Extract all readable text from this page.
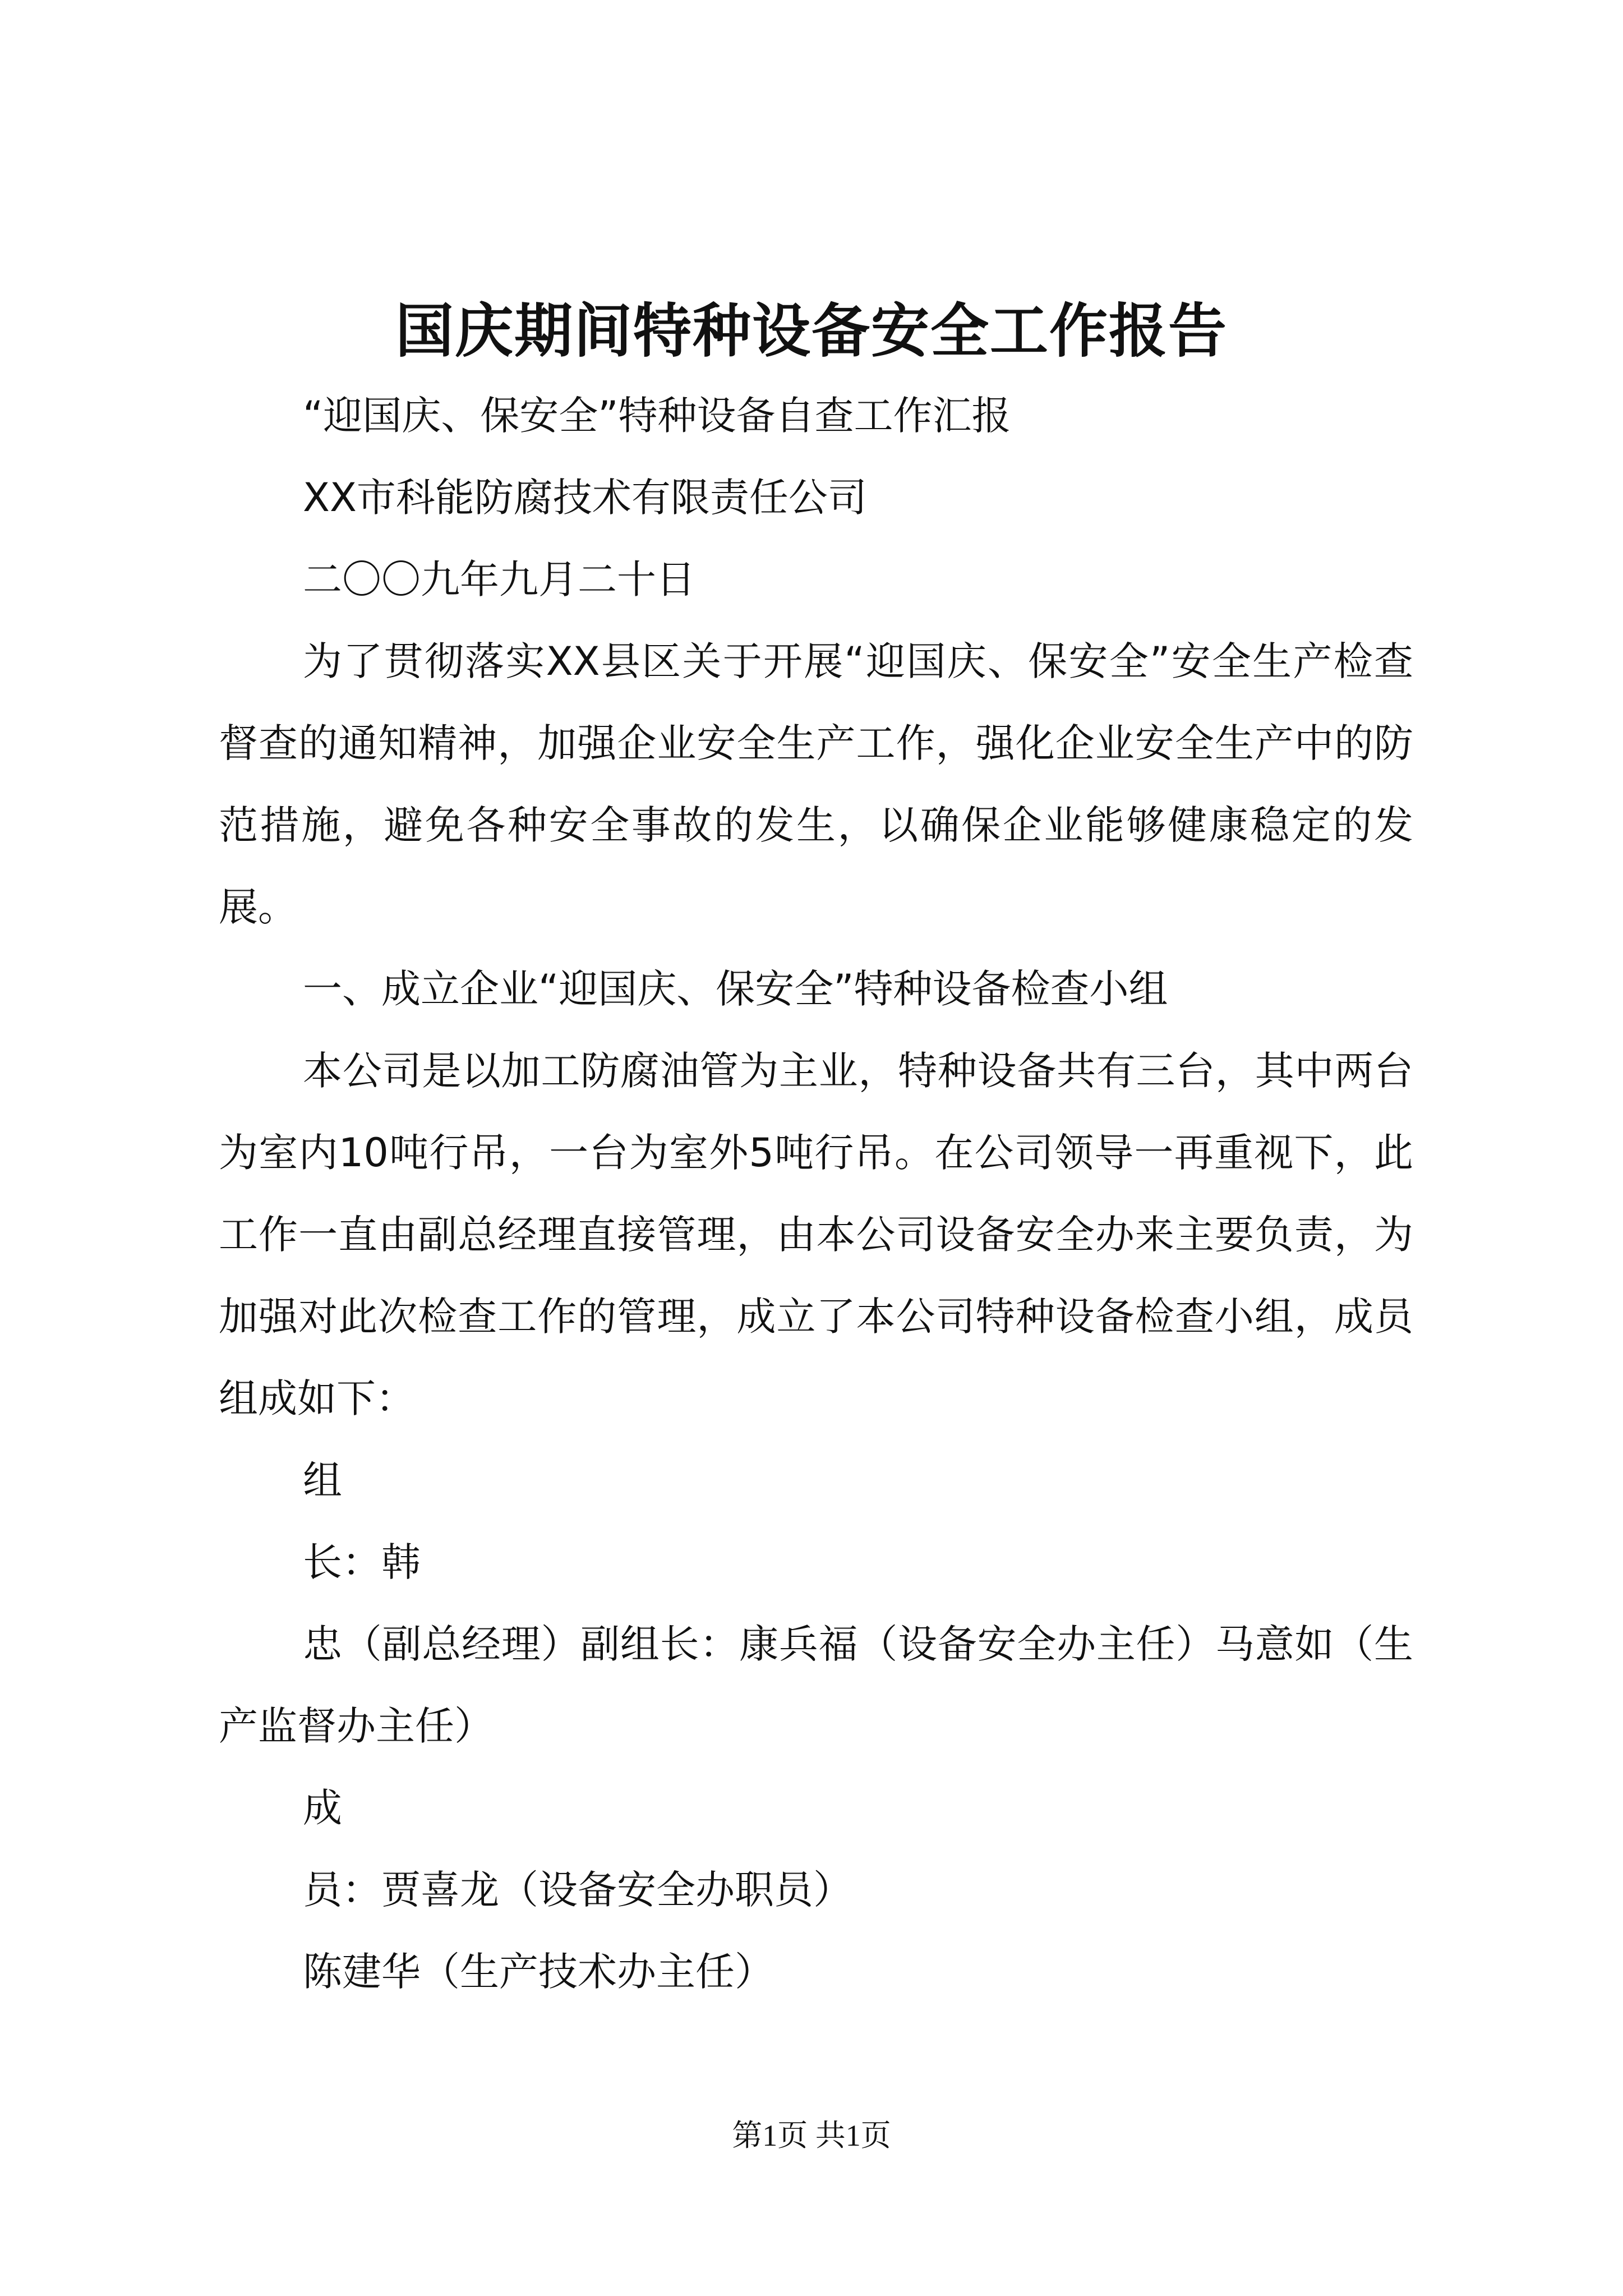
国庆期间特种设备安全工作报告

“迎国庆、保安全”特种设备自查工作汇报

XX市科能防腐技术有限责任公司

二〇〇九年九月二十日

为了贯彻落实XX县区关于开展“迎国庆、保安全”安全生产检查督查的通知精神，加强企业安全生产工作，强化企业安全生产中的防范措施，避免各种安全事故的发生，以确保企业能够健康稳定的发展。

一、成立企业“迎国庆、保安全”特种设备检查小组

本公司是以加工防腐油管为主业，特种设备共有三台，其中两台为室内10吨行吊，一台为室外5吨行吊。在公司领导一再重视下，此工作一直由副总经理直接管理，由本公司设备安全办来主要负责，为加强对此次检查工作的管理，成立了本公司特种设备检查小组，成员组成如下：

组

长：韩

忠（副总经理）副组长：康兵福（设备安全办主任）马意如（生产监督办主任）

成

员：贾喜龙（设备安全办职员）

陈建华（生产技术办主任）

第1页 共1页
